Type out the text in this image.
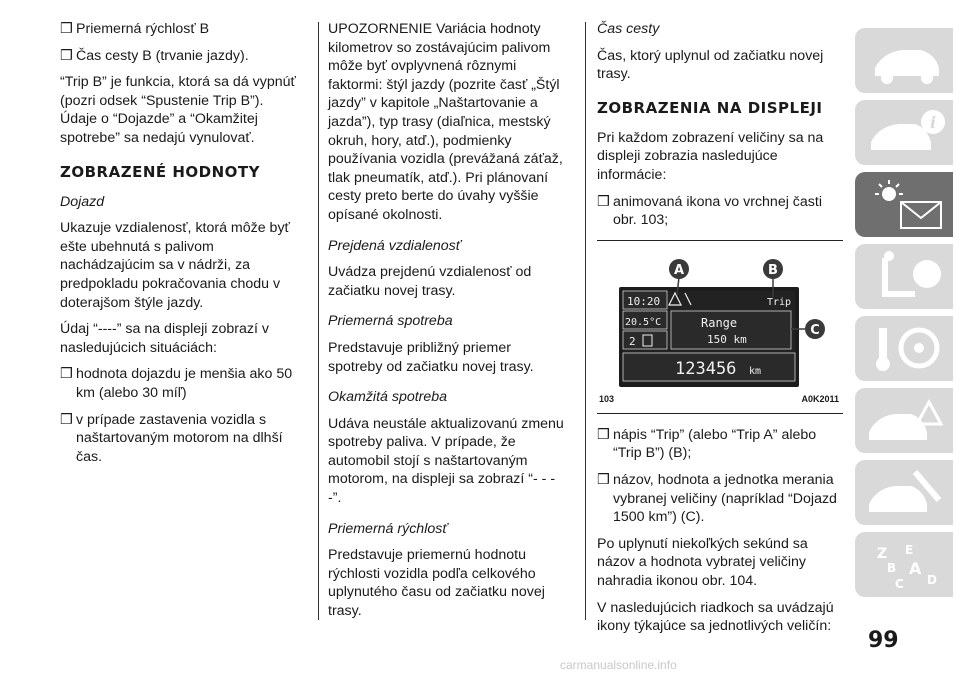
❒ Priemerná rýchlosť B
❒ Čas cesty B (trvanie jazdy).

“Trip B” je funkcia, ktorá sa dá vypnúť (pozri odsek “Spustenie Trip B”). Údaje o “Dojazde” a “Okamžitej spotrebe” sa nedajú vynulovať.

ZOBRAZENÉ HODNOTY
Dojazd

Ukazuje vzdialenosť, ktorá môže byť ešte ubehnutá s palivom nachádzajúcim sa v nádrži, za predpokladu pokračovania chodu v doterajšom štýle jazdy.

Údaj “----” sa na displeji zobrazí v nasledujúcich situáciách:

❒ hodnota dojazdu je menšia ako 50 km (alebo 30 míľ)
❒ v prípade zastavenia vozidla s naštartovaným motorom na dlhší čas.

UPOZORNENIE Variácia hodnoty kilometrov so zostávajúcim palivom môže byť ovplyvnená rôznymi faktormi: štýl jazdy (pozrite časť „Štýl jazdy” v kapitole „Naštartovanie a jazda”), typ trasy (diaľnica, mestský okruh, hory, atď.), podmienky používania vozidla (prevážaná záťaž, tlak pneumatík, atď.). Pri plánovaní cesty preto berte do úvahy vyššie opísané okolnosti.

Prejdená vzdialenosť

Uvádza prejdenú vzdialenosť od začiatku novej trasy.

Priemerná spotreba

Predstavuje približný priemer spotreby od začiatku novej trasy.

Okamžitá spotreba

Udáva neustále aktualizovanú zmenu spotreby paliva. V prípade, že automobil stojí s naštartovaným motorom, na displeji sa zobrazí “- - - -”.

Priemerná rýchlosť

Predstavuje priemernú hodnotu rýchlosti vozidla podľa celkového uplynutého času od začiatku novej trasy.

Čas cesty

Čas, ktorý uplynul od začiatku novej trasy.

ZOBRAZENIA NA DISPLEJI

Pri každom zobrazení veličiny sa na displeji zobrazia nasledujúce informácie:

❒ animovaná ikona vo vrchnej časti obr. 103;
10:20
20.5°C
2
Trip
Range
150 km
123456 km
A	B
C
103	A0K2011
❒ nápis “Trip” (alebo “Trip A” alebo “Trip B”) (B);
❒ názov, hodnota a jednotka merania vybranej veličiny (napríklad “Dojazd 1500 km”) (C).

Po uplynutí niekoľkých sekúnd sa názov a hodnota vybratej veličiny nahradia ikonou obr. 104.

V nasledujúcich riadkoch sa uvádzajú ikony týkajúce sa jednotlivých veličín:

i
Z E
B A
C D
99
carmanualsonline.info
